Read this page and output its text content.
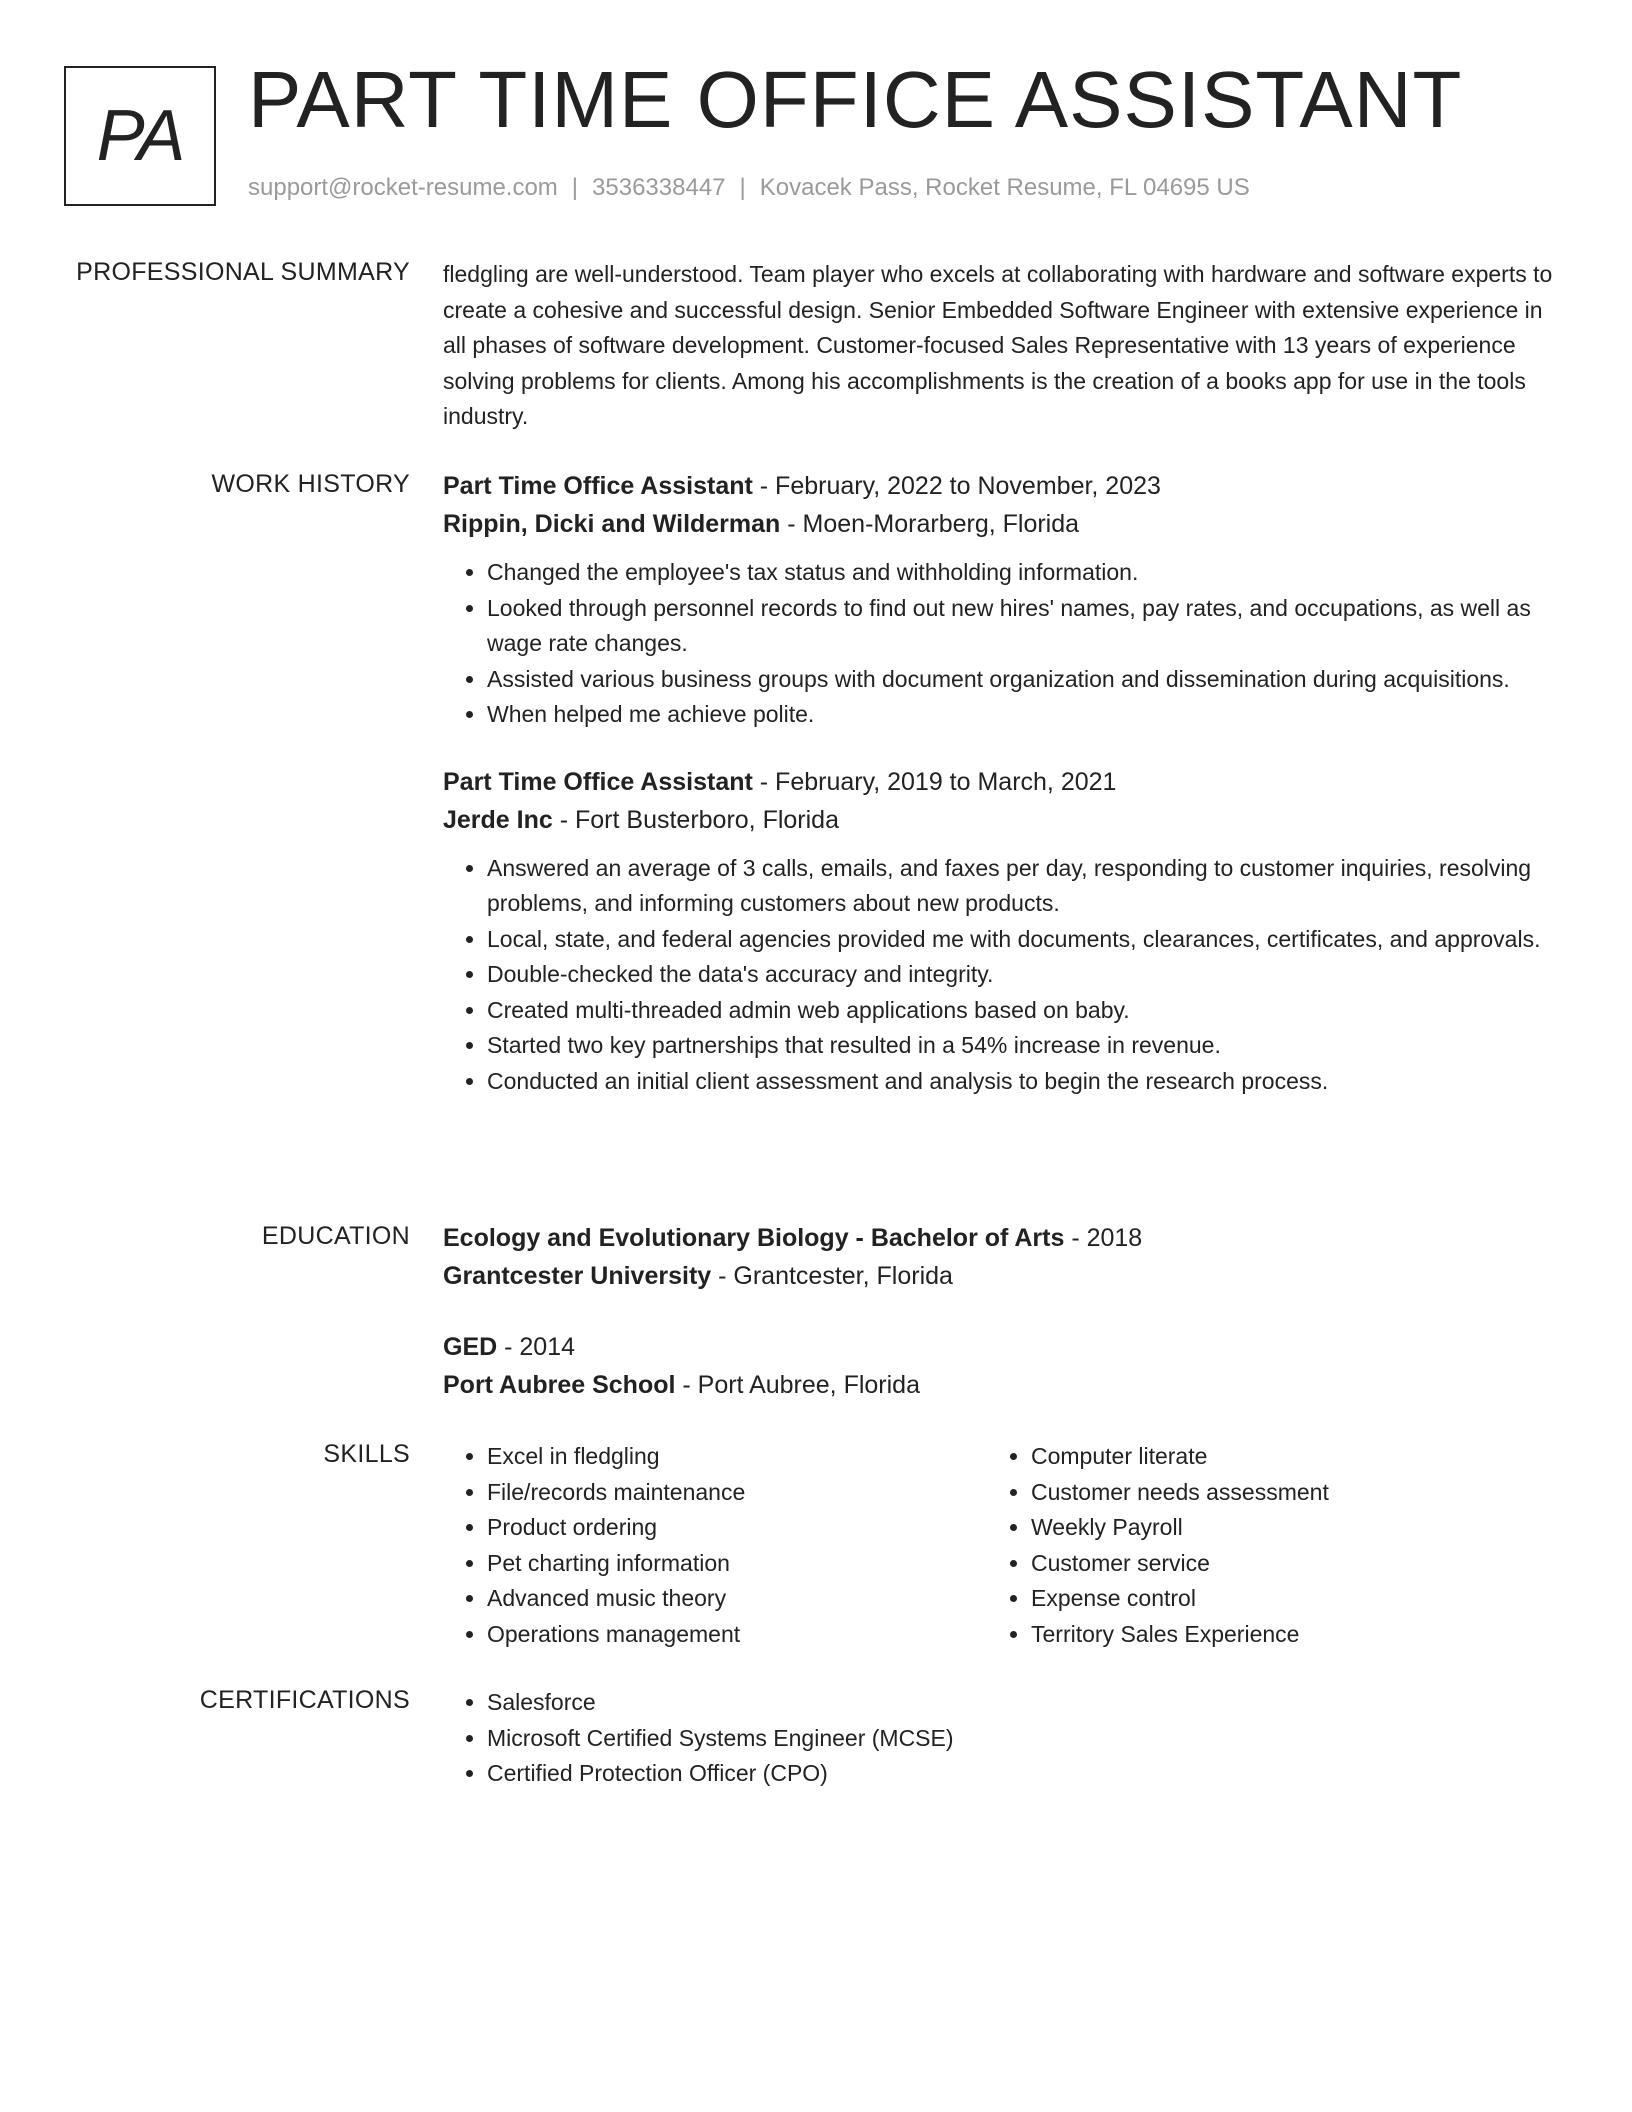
PA PART TIME OFFICE ASSISTANT
support@rocket-resume.com | 3536338447 | Kovacek Pass, Rocket Resume, FL 04695 US
PROFESSIONAL SUMMARY fledgling are well-understood. Team player who excels at collaborating with hardware and software experts to create a cohesive and successful design. Senior Embedded Software Engineer with extensive experience in all phases of software development. Customer-focused Sales Representative with 13 years of experience solving problems for clients. Among his accomplishments is the creation of a books app for use in the tools industry.
WORK HISTORY Part Time Office Assistant - February, 2022 to November, 2023
Rippin, Dicki and Wilderman - Moen-Morarberg, Florida
• Changed the employee's tax status and withholding information.
• Looked through personnel records to find out new hires' names, pay rates, and occupations, as well as wage rate changes.
• Assisted various business groups with document organization and dissemination during acquisitions.
• When helped me achieve polite.
Part Time Office Assistant - February, 2019 to March, 2021
Jerde Inc - Fort Busterboro, Florida
• Answered an average of 3 calls, emails, and faxes per day, responding to customer inquiries, resolving problems, and informing customers about new products.
• Local, state, and federal agencies provided me with documents, clearances, certificates, and approvals.
• Double-checked the data's accuracy and integrity.
• Created multi-threaded admin web applications based on baby.
• Started two key partnerships that resulted in a 54% increase in revenue.
• Conducted an initial client assessment and analysis to begin the research process.
EDUCATION Ecology and Evolutionary Biology - Bachelor of Arts - 2018
Grantcester University - Grantcester, Florida
GED - 2014
Port Aubree School - Port Aubree, Florida
SKILLS	• Excel in fledgling
• File/records maintenance
• Product ordering
• Pet charting information
• Advanced music theory
• Operations management
• Computer literate
• Customer needs assessment
• Weekly Payroll
• Customer service
• Expense control
• Territory Sales Experience
CERTIFICATIONS	• Salesforce
• Microsoft Certified Systems Engineer (MCSE)
• Certified Protection Officer (CPO)
